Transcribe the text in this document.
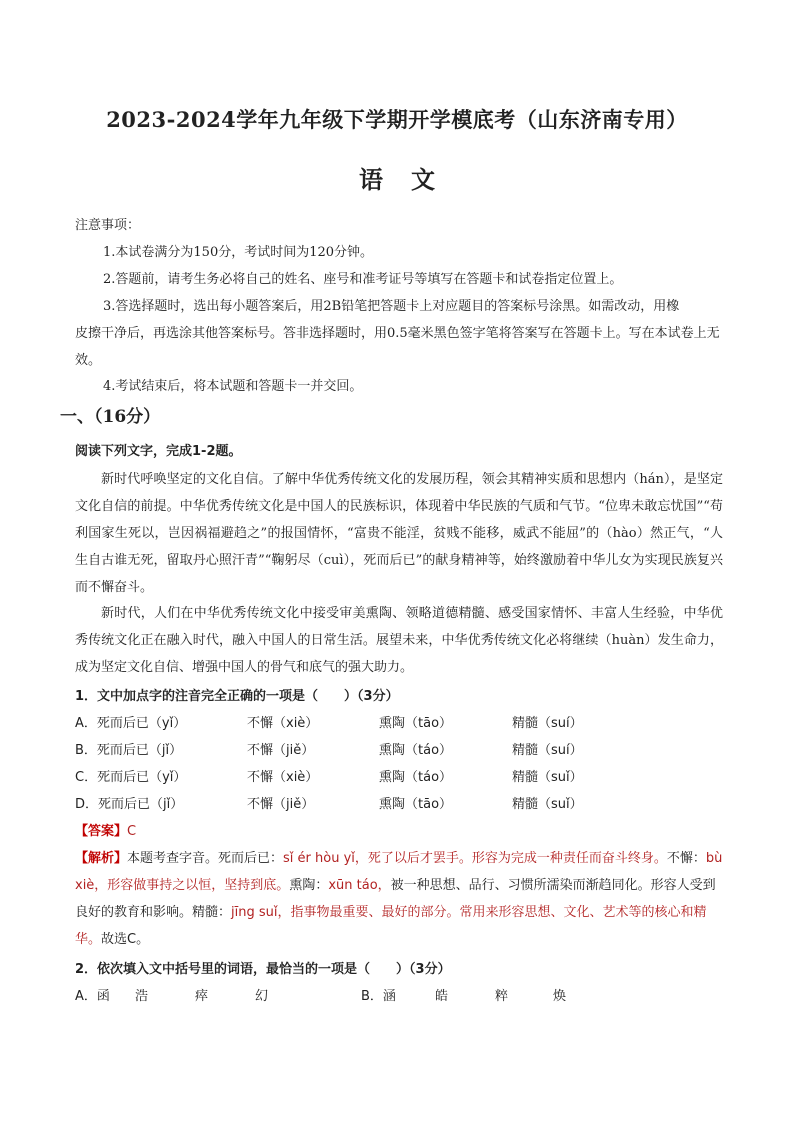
2023-2024学年九年级下学期开学模底考（山东济南专用）
语 文
注意事项：
1.本试卷满分为150分，考试时间为120分钟。
2.答题前，请考生务必将自己的姓名、座号和准考证号等填写在答题卡和试卷指定位置上。
3.答选择题时，选出每小题答案后，用2B铅笔把答题卡上对应题目的答案标号涂黑。如需改动，用橡
皮擦干净后，再选涂其他答案标号。答非选择题时，用0.5毫米黑色签字笔将答案写在答题卡上。写在本试卷上无效。
4.考试结束后，将本试题和答题卡一并交回。
一、（16分）
阅读下列文字，完成1-2题。
新时代呼唤坚定的文化自信。了解中华优秀传统文化的发展历程，领会其精神实质和思想内（hán），是坚定文化自信的前提。中华优秀传统文化是中国人的民族标识，体现着中华民族的气质和气节。“位卑未敢忘忧国”“苟利国家生死以，岂因祸福避趋之”的报国情怀，“富贵不能淫，贫贱不能移，威武不能屈”的（hào）然正气，“人生自古谁无死，留取丹心照汗青”“鞠躬尽（cuì），死而后已”的献身精神等，始终激励着中华儿女为实现民族复兴而不懈奋斗。
新时代，人们在中华优秀传统文化中接受审美熏陶、领略道德精髓、感受国家情怀、丰富人生经验，中华优秀传统文化正在融入时代，融入中国人的日常生活。展望未来，中华优秀传统文化必将继续（huàn）发生命力，成为坚定文化自信、增强中国人的骨气和底气的强大助力。
1．文中加点字的注音完全正确的一项是（　　）（3分）
A．死而后已（yǐ）	不懈（xiè）	熏陶（tāo）	精髓（suí）
B．死而后已（jǐ）	不懈（jiě）	熏陶（táo）	精髓（suí）
C．死而后已（yǐ）	不懈（xiè）	熏陶（táo）	精髓（suǐ）
D．死而后已（jǐ）	不懈（jiě）	熏陶（tāo）	精髓（suǐ）
【答案】C
【解析】本题考查字音。死而后已：sǐ ér hòu yǐ，死了以后才罢手。形容为完成一种责任而奋斗终身。不懈：bù xiè，形容做事持之以恒，坚持到底。熏陶：xūn táo，被一种思想、品行、习惯所濡染而渐趋同化。形容人受到良好的教育和影响。精髓：jīng suǐ，指事物最重要、最好的部分。常用来形容思想、文化、艺术等的核心和精华。故选C。
2．依次填入文中括号里的词语，最恰当的一项是（　　）（3分）
A．函 浩	瘁	幻	B．涵	皓	粹	焕
